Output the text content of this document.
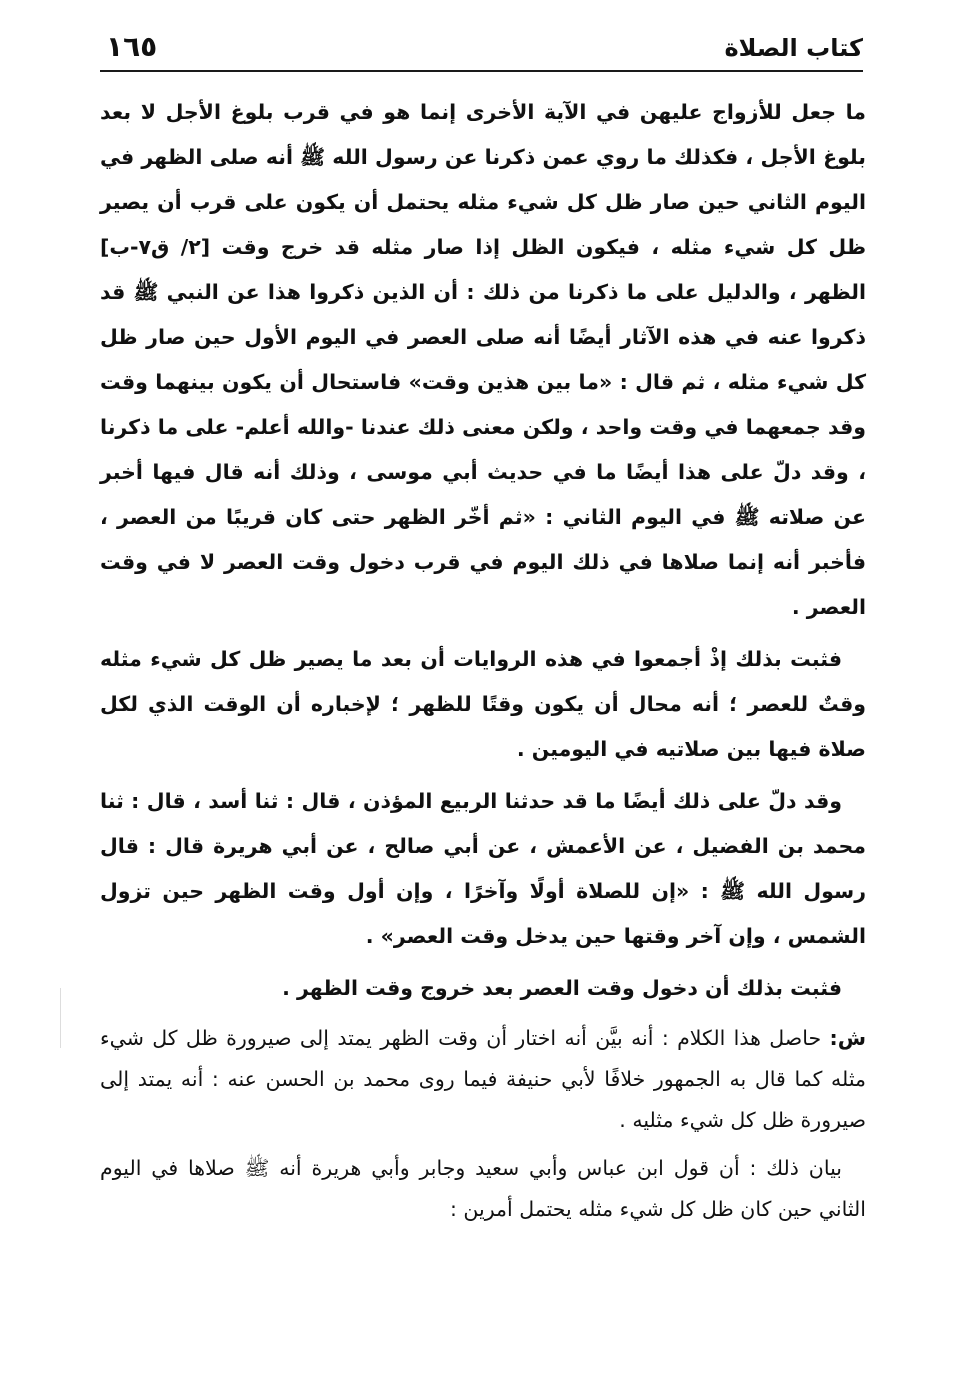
١٦٥	كتاب الصلاة

ما جعل للأزواج عليهن في الآية الأخرى إنما هو في قرب بلوغ الأجل لا بعد بلوغ الأجل ، فكذلك ما روي عمن ذكرنا عن رسول الله ﷺ أنه صلى الظهر في اليوم الثاني حين صار ظل كل شيء مثله يحتمل أن يكون على قرب أن يصير ظل كل شيء مثله ، فيكون الظل إذا صار مثله قد خرج وقت [٢/ ق٧-ب] الظهر ، والدليل على ما ذكرنا من ذلك : أن الذين ذكروا هذا عن النبي ﷺ قد ذكروا عنه في هذه الآثار أيضًا أنه صلى العصر في اليوم الأول حين صار ظل كل شيء مثله ، ثم قال : «ما بين هذين وقت» فاستحال أن يكون بينهما وقت وقد جمعهما في وقت واحد ، ولكن معنى ذلك عندنا -والله أعلم- على ما ذكرنا ، وقد دلّ على هذا أيضًا ما في حديث أبي موسى ، وذلك أنه قال فيها أخبر عن صلاته ﷺ في اليوم الثاني : «ثم أخّر الظهر حتى كان قريبًا من العصر ، فأخبر أنه إنما صلاها في ذلك اليوم في قرب دخول وقت العصر لا في وقت العصر .

فثبت بذلك إذْ أجمعوا في هذه الروايات أن بعد ما يصير ظل كل شيء مثله وقتٌ للعصر ؛ أنه محال أن يكون وقتًا للظهر ؛ لإخباره أن الوقت الذي لكل صلاة فيها بين صلاتيه في اليومين .

وقد دلّ على ذلك أيضًا ما قد حدثنا الربيع المؤذن ، قال : ثنا أسد ، قال : ثنا محمد بن الفضيل ، عن الأعمش ، عن أبي صالح ، عن أبي هريرة قال : قال رسول الله ﷺ : «إن للصلاة أولًا وآخرًا ، وإن أول وقت الظهر حين تزول الشمس ، وإن آخر وقتها حين يدخل وقت العصر» .

فثبت بذلك أن دخول وقت العصر بعد خروج وقت الظهر .

ش: حاصل هذا الكلام : أنه بيَّن أنه اختار أن وقت الظهر يمتد إلى صيرورة ظل كل شيء مثله كما قال به الجمهور خلافًا لأبي حنيفة فيما روى محمد بن الحسن عنه : أنه يمتد إلى صيرورة ظل كل شيء مثليه .

بيان ذلك : أن قول ابن عباس وأبي سعيد وجابر وأبي هريرة أنه ﷺ صلاها في اليوم الثاني حين كان ظل كل شيء مثله يحتمل أمرين :
